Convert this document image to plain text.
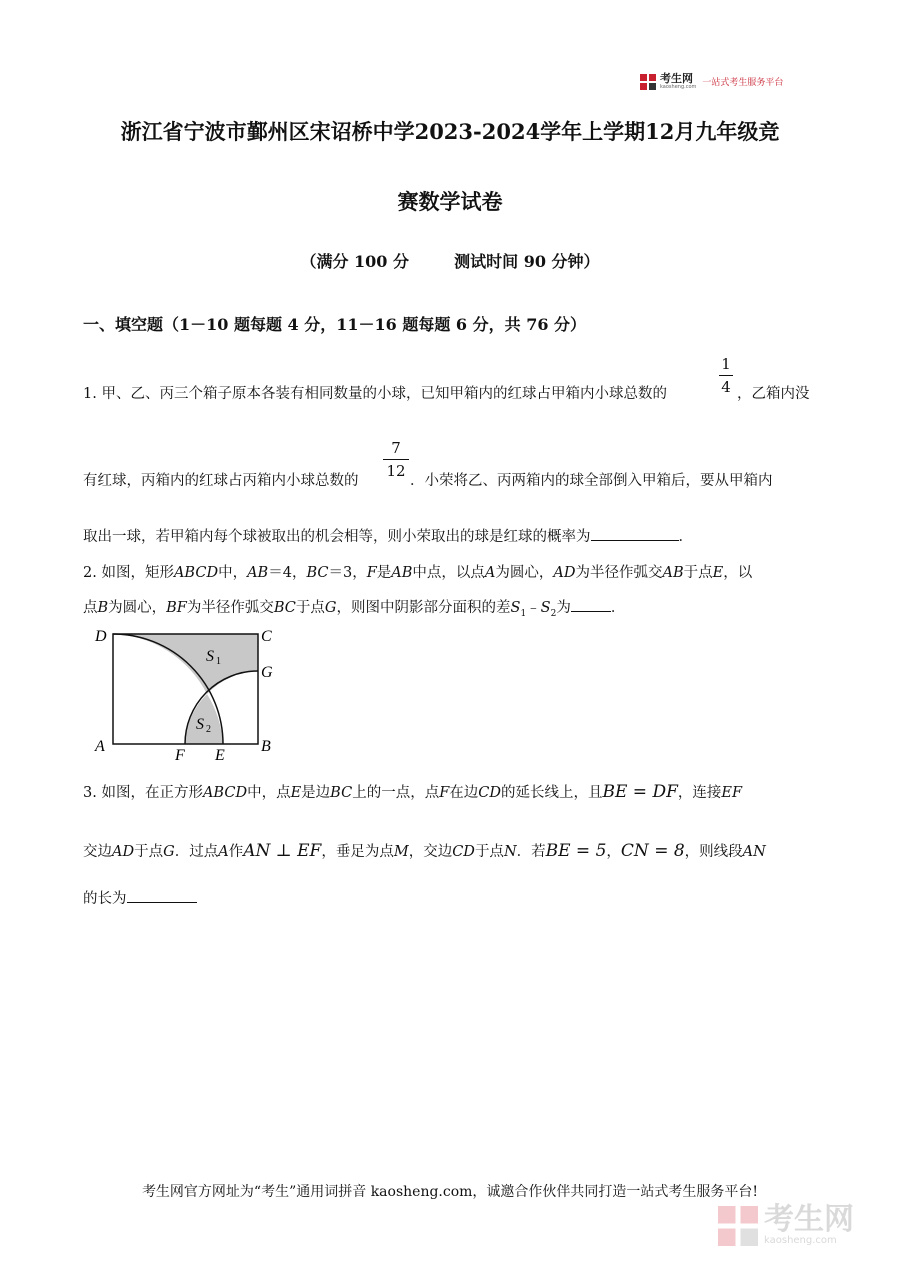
考生网
kaosheng.com 一站式考生服务平台
浙江省宁波市鄞州区宋诏桥中学2023-2024学年上学期12月九年级竞
赛数学试卷
（满分 100 分	测试时间 90 分钟）
一、填空题（1－10 题每题 4 分，11－16 题每题 6 分，共 76 分）
1. 甲、乙、丙三个箱子原本各装有相同数量的小球，已知甲箱内的红球占甲箱内小球总数的
1
4 ，乙箱内没
有红球，丙箱内的红球占丙箱内小球总数的
7
12
．小荣将乙、丙两箱内的球全部倒入甲箱后，要从甲箱内
取出一球，若甲箱内每个球被取出的机会相等，则小荣取出的球是红球的概率为	．
2. 如图，矩形ABCD中，AB＝4，BC＝3，F是AB中点，以点A为圆心，AD为半径作弧交AB于点E，以
点B为圆心，BF为半径作弧交BC于点G，则图中阴影部分面积的差$S_1﹣S_2$为	．
D	C
G
A
F E
B
S 1
S 2
3. 如图，在正方形ABCD中，点E是边BC上的一点，点F在边CD的延长线上，且BE = DF，连接EF
交边AD于点G．过点A作AN ⊥ EF，垂足为点M，交边CD于点N．若BE = 5，CN = 8，则线段AN
的长为
考生网官方网址为“考生”通用词拼音 kaosheng.com，诚邀合作伙伴共同打造一站式考生服务平台!
考生网
kaosheng.com
